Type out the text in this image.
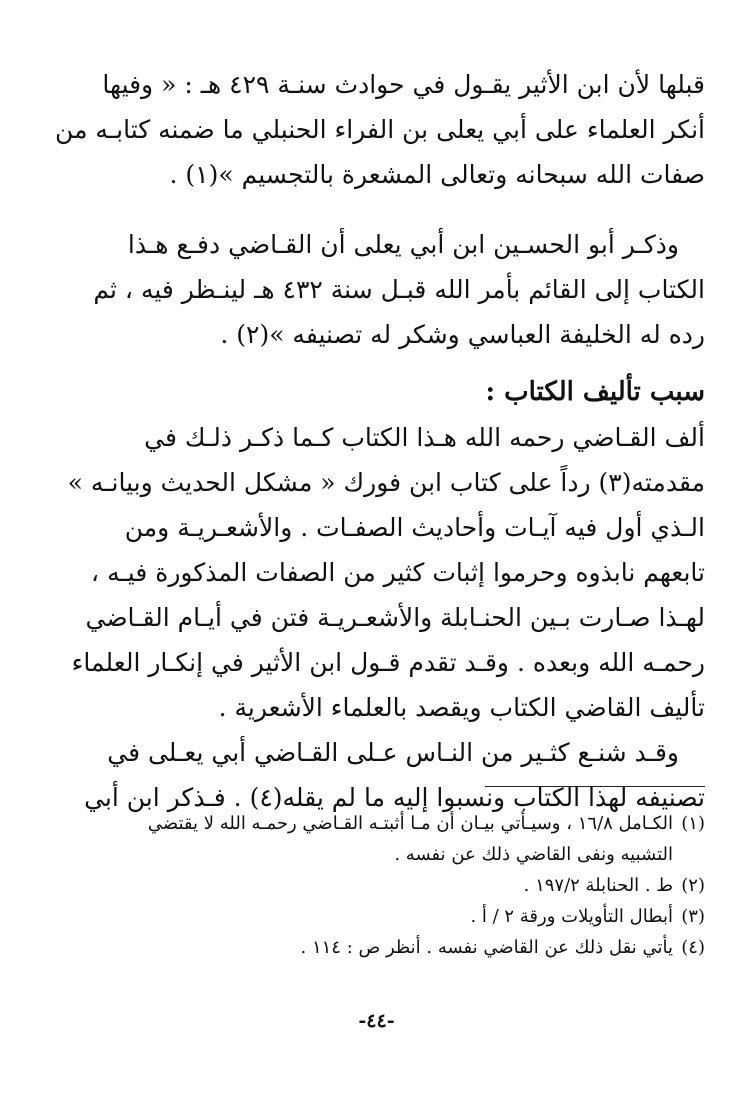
قبلها لأن ابن الأثير يقـول في حوادث سنـة ٤٢٩ هـ : « وفيها
أنكر العلماء على أبي يعلى بن الفراء الحنبلي ما ضمنه كتابـه من
صفات الله سبحانه وتعالى المشعرة بالتجسيم »(١) .

وذكـر أبو الحسـين ابن أبي يعلى أن القـاضي دفـع هـذا
الكتاب إلى القائم بأمر الله قبـل سنة ٤٣٢ هـ لينـظر فيه ، ثم
رده له الخليفة العباسي وشكر له تصنيفه »(٢) .

سبب تأليف الكتاب :

ألف القـاضي رحمه الله هـذا الكتاب كـما ذكـر ذلـك في
مقدمته(٣) رداً على كتاب ابن فورك « مشكل الحديث وبيانـه »
الـذي أول فيه آيـات وأحاديث الصفـات . والأشعـريـة ومن
تابعهم نابذوه وحرموا إثبات كثير من الصفات المذكورة فيـه ،
لهـذا صـارت بـين الحنـابلة والأشعـريـة فتن في أيـام القـاضي
رحمـه الله وبعده . وقـد تقدم قـول ابن الأثير في إنكـار العلماء
تأليف القاضي الكتاب ويقصد بالعلماء الأشعرية .

وقـد شنـع كثـير من النـاس عـلى القـاضي أبي يعـلى في
تصنيفه لهذا الكتاب ونسبوا إليه ما لم يقله(٤) . فـذكر ابن أبي

(١)الكـامل ١٦/٨ ، وسيـأتي بيـان أن مـا أثبتـه القـاضي رحمـه الله لا يقتضي

التشبيه ونفى القاضي ذلك عن نفسه .

(٢)ط . الحنابلة ١٩٧/٢ .

(٣)أبطال التأويلات ورقة ٢ / أ .

(٤)يأتي نقل ذلك عن القاضي نفسه . أنظر ص : ١١٤ .

-٤٤-
